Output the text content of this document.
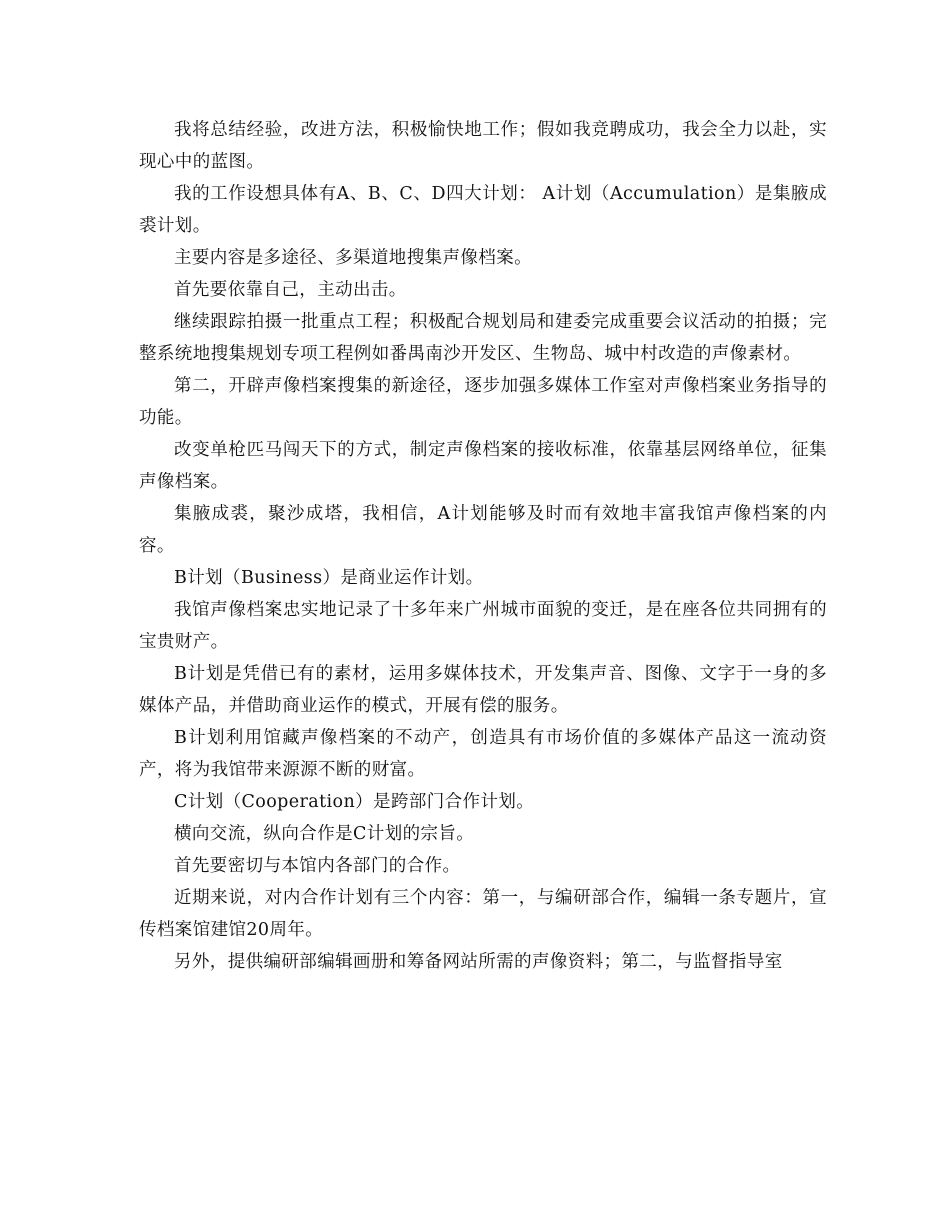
我将总结经验，改进方法，积极愉快地工作；假如我竞聘成功，我会全力以赴，实现心中的蓝图。

我的工作设想具体有A、B、C、D四大计划： A计划（Accumulation）是集腋成裘计划。

主要内容是多途径、多渠道地搜集声像档案。

首先要依靠自己，主动出击。

继续跟踪拍摄一批重点工程；积极配合规划局和建委完成重要会议活动的拍摄；完整系统地搜集规划专项工程例如番禺南沙开发区、生物岛、城中村改造的声像素材。

第二，开辟声像档案搜集的新途径，逐步加强多媒体工作室对声像档案业务指导的功能。

改变单枪匹马闯天下的方式，制定声像档案的接收标准，依靠基层网络单位，征集声像档案。

集腋成裘，聚沙成塔，我相信，A计划能够及时而有效地丰富我馆声像档案的内容。

B计划（Business）是商业运作计划。

我馆声像档案忠实地记录了十多年来广州城市面貌的变迁，是在座各位共同拥有的宝贵财产。

B计划是凭借已有的素材，运用多媒体技术，开发集声音、图像、文字于一身的多媒体产品，并借助商业运作的模式，开展有偿的服务。

B计划利用馆藏声像档案的不动产，创造具有市场价值的多媒体产品这一流动资产，将为我馆带来源源不断的财富。

C计划（Cooperation）是跨部门合作计划。

横向交流，纵向合作是C计划的宗旨。

首先要密切与本馆内各部门的合作。

近期来说，对内合作计划有三个内容：第一，与编研部合作，编辑一条专题片，宣传档案馆建馆20周年。

另外，提供编研部编辑画册和筹备网站所需的声像资料；第二，与监督指导室
